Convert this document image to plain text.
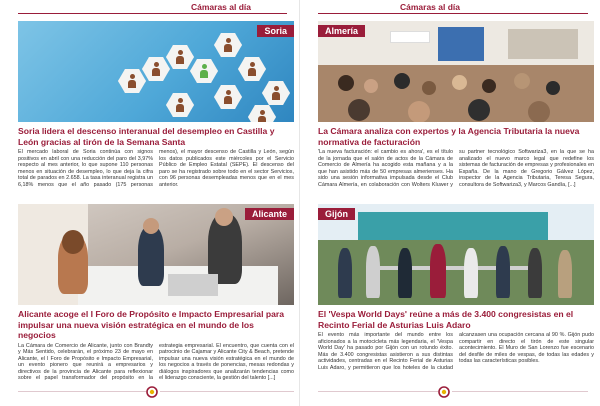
Cámaras al día
Soria
Soria lidera el descenso interanual del desempleo en Castilla y León gracias al tirón de la Semana Santa
El mercado laboral de Soria continúa con signos positivos en abril con una reducción del paro del 3,97% respecto al mes anterior, lo que supone 110 personas menos en situación de desempleo, lo que deja la cifra total de parados en 2.658. La tasa interanual registra un 6,18% menos que el año pasado (175 personas menos), el mayor descenso de Castilla y León, según los datos publicados este miércoles por el Servicio Público de Empleo Estatal (SEPE). El descenso del paro se ha registrado sobre todo en el sector Servicios, con 96 personas desempleadas menos que en el mes anterior.
Alicante
Alicante acoge el I Foro de Propósito e Impacto Empresarial para impulsar una nueva visión estratégica en el mundo de los negocios
La Cámara de Comercio de Alicante, junto con Brandty y Más Sentido, celebrarán, el próximo 23 de mayo en Alicante, el I Foro de Propósito e Impacto Empresarial, un evento pionero que reunirá a empresarios y directivos de la provincia de Alicante para reflexionar sobre el papel transformador del propósito en la estrategia empresarial. El encuentro, que cuenta con el patrocinio de Cajamar y Alicante City & Beach, pretende impulsar una nueva visión estratégica en el mundo de los negocios a través de ponencias, mesas redondas y diálogos inspiradores que analizarán tendencias como el liderazgo consciente, la gestión del talento [...]
Cámaras al día
Almería
La Cámara analiza con expertos y la Agencia Tributaria la nueva normativa de facturación
'La nueva facturación: el cambio es ahora', es el título de la jornada que el salón de actos de la Cámara de Comercio de Almería ha acogido esta mañana y a la que han asistido más de 50 empresas almerienses. Ha sido una sesión informativa impulsada desde el Club Cámara Almería, en colaboración con Wolters Kluwer y su partner tecnológico Softwariza3, en la que se ha analizado el nuevo marco legal que redefine los sistemas de facturación de empresas y profesionales en España. De la mano de Gregorio Gálvez López, inspector de la Agencia Tributaria, Teresa Segura, consultora de Softwariza3, y Marcos Gandía, [...]
Gijón
El 'Vespa World Days' reúne a más de 3.400 congresistas en el Recinto Ferial de Asturias Luis Adaro
El evento más importante del mundo entre los aficionados a la motocicleta más legendaria, el 'Vespa World Day' ha pasado por Gijón con un rotundo éxito. Más de 3.400 congresistas asistieron a sus distintas actividades, centradas en el Recinto Ferial de Asturias Luis Adaro, y permitieron que los hoteles de la ciudad alcanzasen una ocupación cercana al 90 %. Gijón pudo compartir en directo el tirón de este singular acontecimiento. El Muro de San Lorenzo fue escenario del desfile de miles de vespas, de todas las edades y todas las características posibles.
